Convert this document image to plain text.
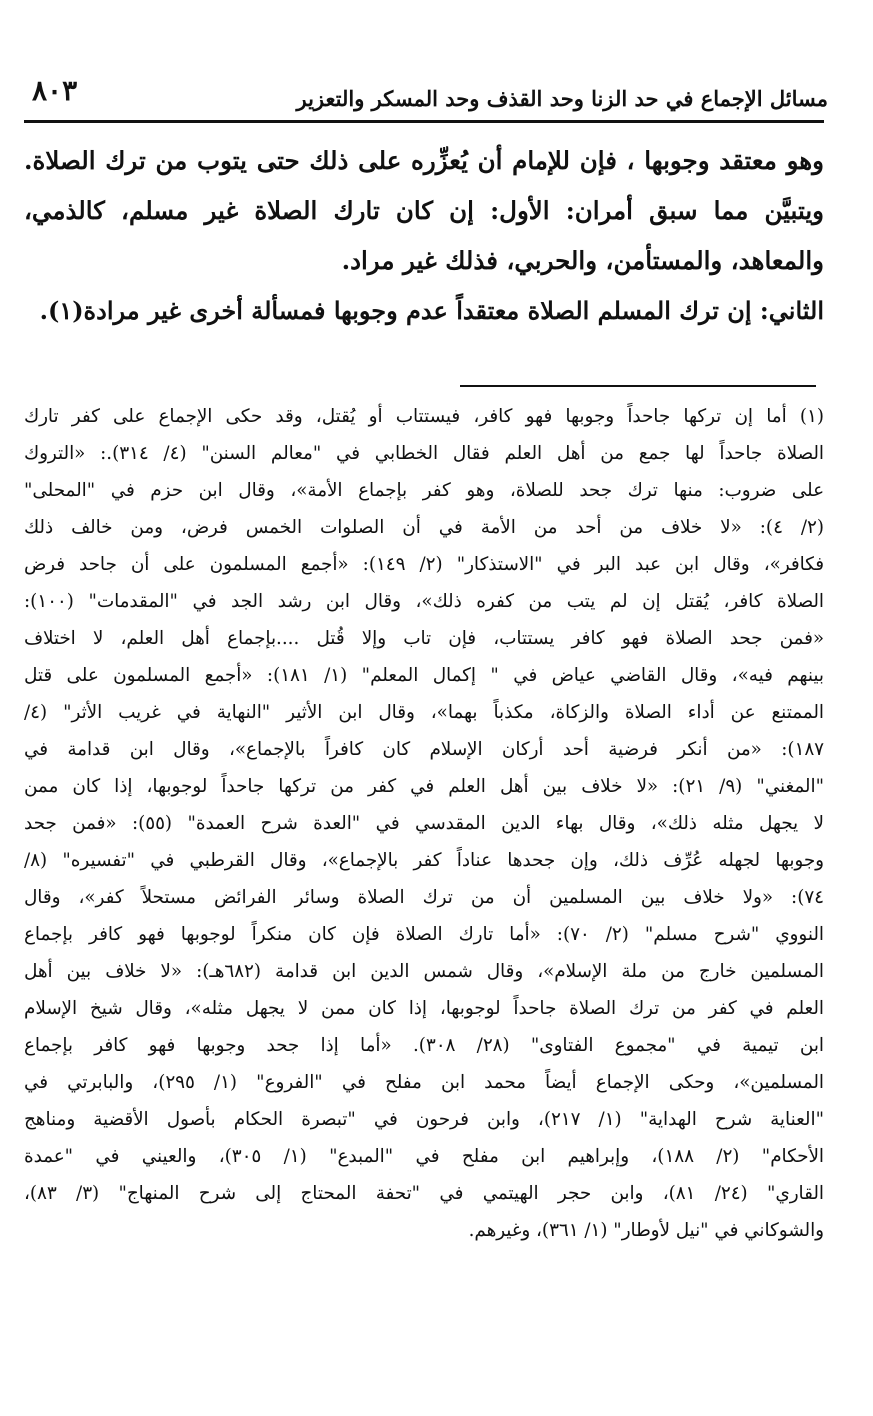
مسائل الإجماع في حد الزنا وحد القذف وحد المسكر والتعزير
٨٠٣
وهو معتقد وجوبها ، فإن للإمام أن يُعزِّره على ذلك حتى يتوب من ترك الصلاة.
ويتبيَّن مما سبق أمران: الأول: إن كان تارك الصلاة غير مسلم، كالذمي،
والمعاهد، والمستأمن، والحربي، فذلك غير مراد.
الثاني: إن ترك المسلم الصلاة معتقداً عدم وجوبها فمسألة أخرى غير مرادة(١).
(١) أما إن تركها جاحداً وجوبها فهو كافر، فيستتاب أو يُقتل، وقد حكى الإجماع على كفر تارك
الصلاة جاحداً لها جمع من أهل العلم فقال الخطابي في "معالم السنن" (٤/ ٣١٤).: «التروك
على ضروب: منها ترك جحد للصلاة، وهو كفر بإجماع الأمة»، وقال ابن حزم في "المحلى"
(٢/ ٤): «لا خلاف من أحد من الأمة في أن الصلوات الخمس فرض، ومن خالف ذلك
فكافر»، وقال ابن عبد البر في "الاستذكار" (٢/ ١٤٩): «أجمع المسلمون على أن جاحد فرض
الصلاة كافر، يُقتل إن لم يتب من كفره ذلك»، وقال ابن رشد الجد في "المقدمات" (١٠٠):
«فمن جحد الصلاة فهو كافر يستتاب، فإن تاب وإلا قُتل ....بإجماع أهل العلم، لا اختلاف
بينهم فيه»، وقال القاضي عياض في " إكمال المعلم" (١/ ١٨١): «أجمع المسلمون على قتل
الممتنع عن أداء الصلاة والزكاة، مكذباً بهما»، وقال ابن الأثير "النهاية في غريب الأثر" (٤/
١٨٧): «من أنكر فرضية أحد أركان الإسلام كان كافراً بالإجماع»، وقال ابن قدامة في
"المغني" (٩/ ٢١): «لا خلاف بين أهل العلم في كفر من تركها جاحداً لوجوبها، إذا كان ممن
لا يجهل مثله ذلك»، وقال بهاء الدين المقدسي في "العدة شرح العمدة" (٥٥): «فمن جحد
وجوبها لجهله عُرِّف ذلك، وإن جحدها عناداً كفر بالإجماع»، وقال القرطبي في "تفسيره" (٨/
٧٤): «ولا خلاف بين المسلمين أن من ترك الصلاة وسائر الفرائض مستحلاً كفر»، وقال
النووي "شرح مسلم" (٢/ ٧٠): «أما تارك الصلاة فإن كان منكراً لوجوبها فهو كافر بإجماع
المسلمين خارج من ملة الإسلام»، وقال شمس الدين ابن قدامة (٦٨٢هـ): «لا خلاف بين أهل
العلم في كفر من ترك الصلاة جاحداً لوجوبها، إذا كان ممن لا يجهل مثله»، وقال شيخ الإسلام
ابن تيمية في "مجموع الفتاوى" (٢٨/ ٣٠٨). «أما إذا جحد وجوبها فهو كافر بإجماع
المسلمين»، وحكى الإجماع أيضاً محمد ابن مفلح في "الفروع" (١/ ٢٩٥)، والبابرتي في
"العناية شرح الهداية" (١/ ٢١٧)، وابن فرحون في "تبصرة الحكام بأصول الأقضية ومناهج
الأحكام" (٢/ ١٨٨)، وإبراهيم ابن مفلح في "المبدع" (١/ ٣٠٥)، والعيني في "عمدة
القاري" (٢٤/ ٨١)، وابن حجر الهيتمي في "تحفة المحتاج إلى شرح المنهاج" (٣/ ٨٣)،
والشوكاني في "نيل لأوطار" (١/ ٣٦١)، وغيرهم.
